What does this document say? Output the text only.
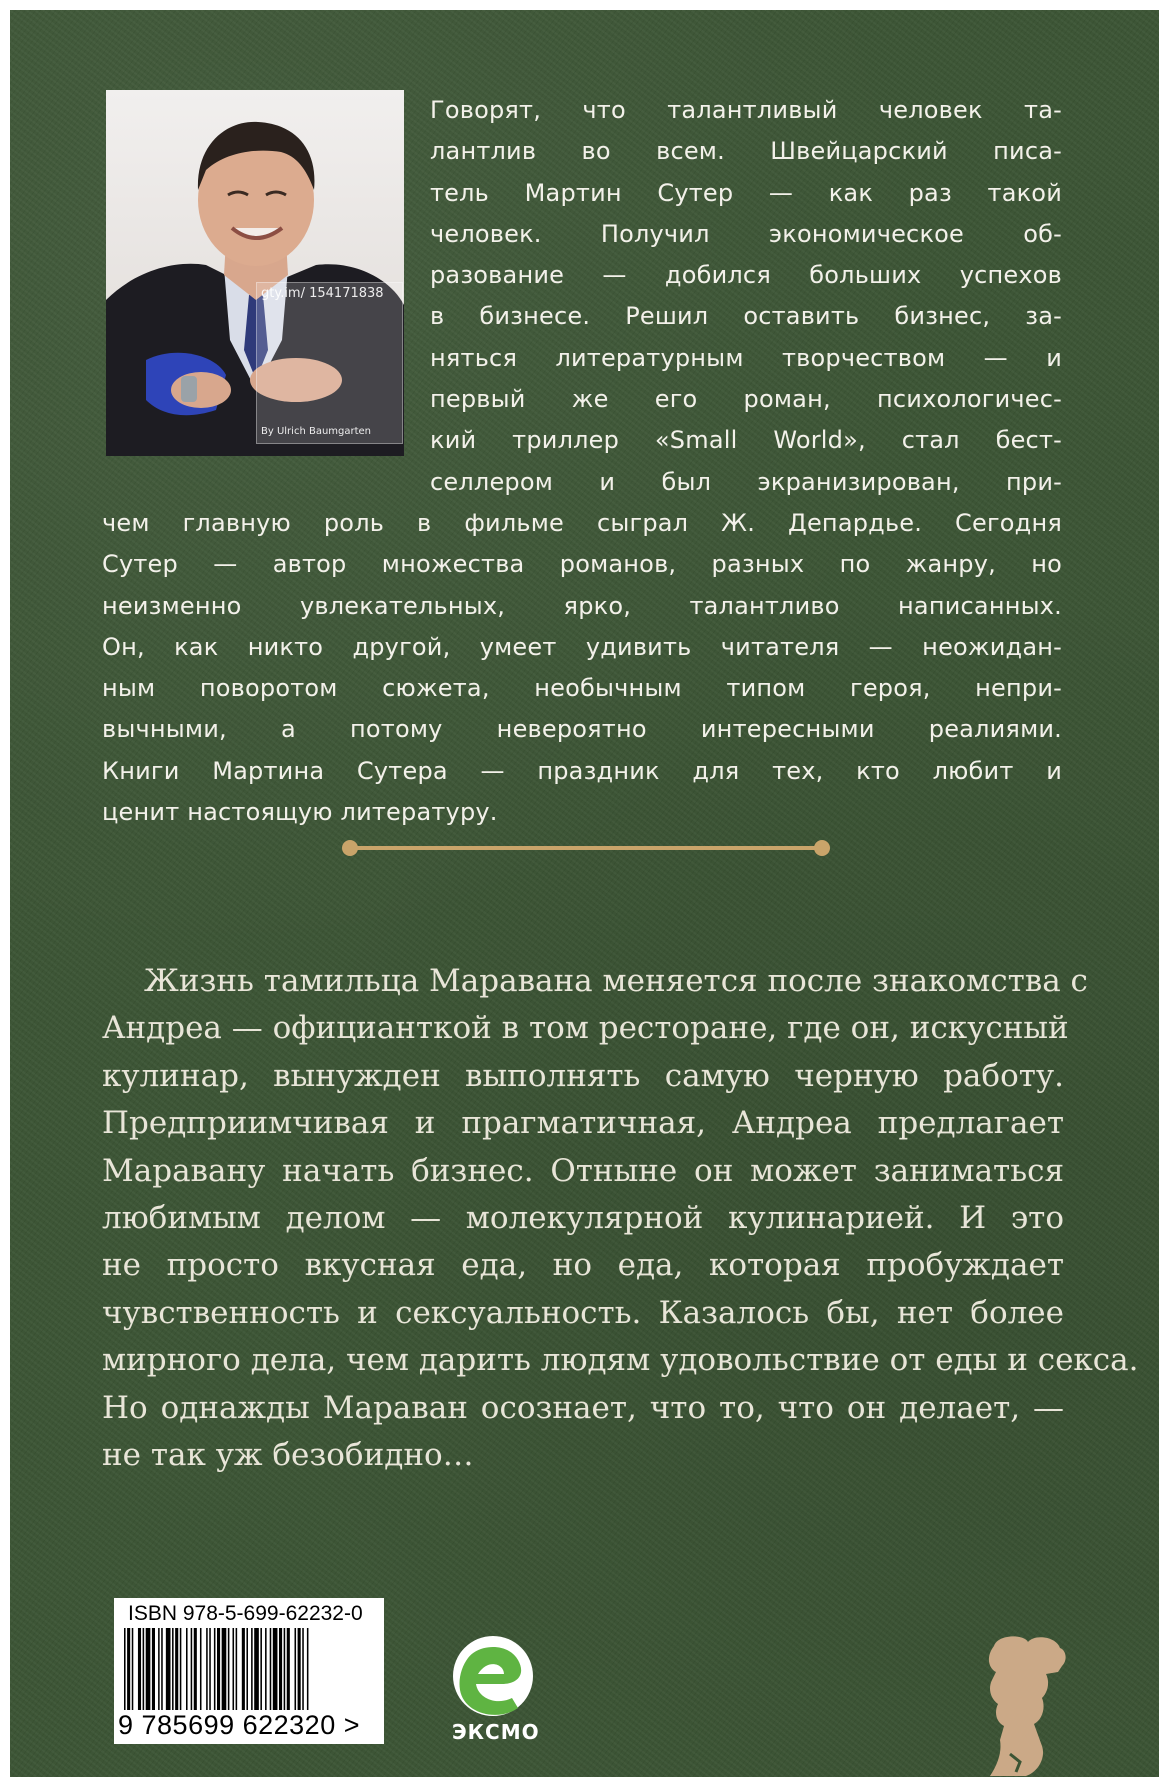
gty.im/ 154171838
By Ulrich Baumgarten
Говорят, что талантливый человек та-
лантлив во всем. Швейцарский писа-
тель Мартин Сутер — как раз такой
человек. Получил экономическое об-
разование — добился больших успехов
в бизнесе. Решил оставить бизнес, за-
няться литературным творчеством — и
первый же его роман, психологичес-
кий триллер «Small World», стал бест-
селлером и был экранизирован, при-
чем главную роль в фильме сыграл Ж. Депардье. Сегодня
Сутер — автор множества романов, разных по жанру, но
неизменно увлекательных, ярко, талантливо написанных.
Он, как никто другой, умеет удивить читателя — неожидан-
ным поворотом сюжета, необычным типом героя, непри-
вычными, а потому невероятно интересными реалиями.
Книги Мартина Сутера — праздник для тех, кто любит и
ценит настоящую литературу.
Жизнь тамильца Маравана меняется после знакомства с
Андреа — официанткой в том ресторане, где он, искусный
кулинар, вынужден выполнять самую черную работу.
Предприимчивая и прагматичная, Андреа предлагает
Маравану начать бизнес. Отныне он может заниматься
любимым делом — молекулярной кулинарией. И это
не просто вкусная еда, но еда, которая пробуждает
чувственность и сексуальность. Казалось бы, нет более
мирного дела, чем дарить людям удовольствие от еды и секса.
Но однажды Мараван осознает, что то, что он делает, —
не так уж безобидно…
ISBN 978-5-699-62232-0
9 785699 622320 >	ЭКСМО
